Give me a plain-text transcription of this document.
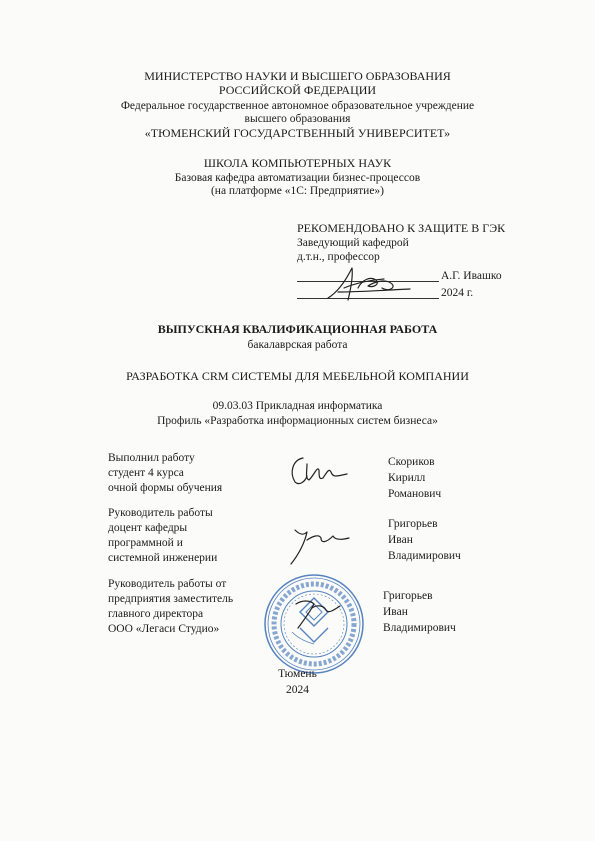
МИНИСТЕРСТВО НАУКИ И ВЫСШЕГО ОБРАЗОВАНИЯ
РОССИЙСКОЙ ФЕДЕРАЦИИ
Федеральное государственное автономное образовательное учреждение
высшего образования
«ТЮМЕНСКИЙ ГОСУДАРСТВЕННЫЙ УНИВЕРСИТЕТ»
ШКОЛА КОМПЬЮТЕРНЫХ НАУК
Базовая кафедра автоматизации бизнес-процессов
(на платформе «1С: Предприятие»)
РЕКОМЕНДОВАНО К ЗАЩИТЕ В ГЭК
Заведующий кафедрой
д.т.н., профессор
А.Г. Ивашко
2024 г.
ВЫПУСКНАЯ КВАЛИФИКАЦИОННАЯ РАБОТА
бакалаврская работа
РАЗРАБОТКА CRM СИСТЕМЫ ДЛЯ МЕБЕЛЬНОЙ КОМПАНИИ
09.03.03 Прикладная информатика
Профиль «Разработка информационных систем бизнеса»
Выполнил работу
студент 4 курса
очной формы обучения
Скориков
Кирилл
Романович
Руководитель работы
доцент кафедры
программной и
системной инженерии
Григорьев
Иван
Владимирович
Руководитель работы от
предприятия заместитель
главного директора
ООО «Легаси Студио»
Григорьев
Иван
Владимирович
Тюмень
2024
